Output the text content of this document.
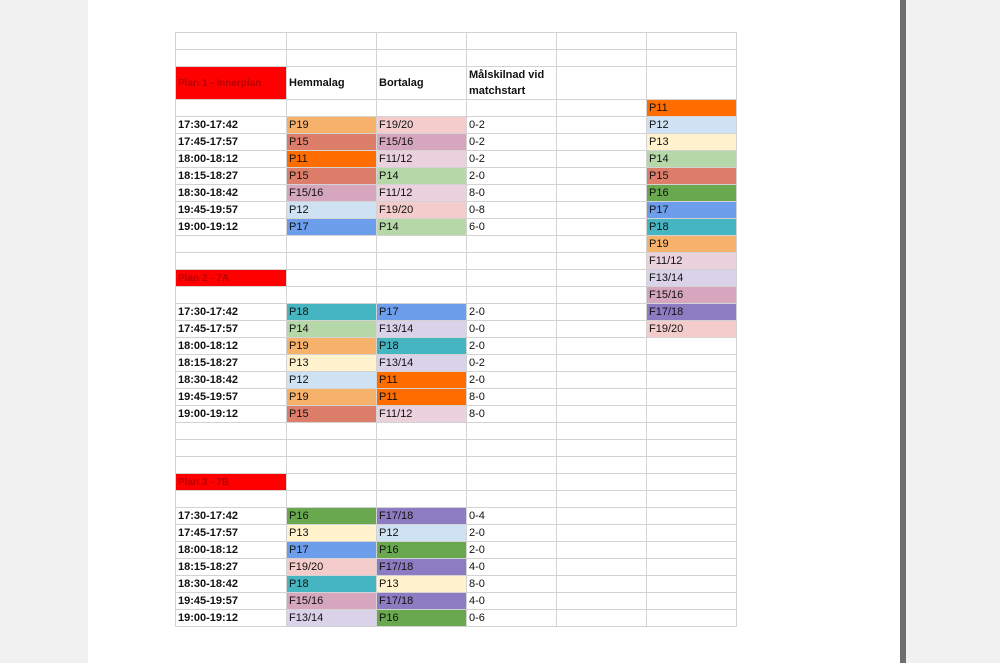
Plan 1 - Innerplan	Hemmalag	Bortalag	Målskilnad vid
matchstart		

					P11
17:30-17:42	P19	F19/20	0-2		P12
17:45-17:57	P15	F15/16	0-2		P13
18:00-18:12	P11	F11/12	0-2		P14
18:15-18:27	P15	P14	2-0		P15
18:30-18:42	F15/16	F11/12	8-0		P16
19:45-19:57	P12	F19/20	0-8		P17
19:00-19:12	P17	P14	6-0		P18
					P19
					F11/12
Plan 2 - 7A					F13/14
					F15/16
17:30-17:42	P18	P17	2-0		F17/18
17:45-17:57	P14	F13/14	0-0		F19/20
18:00-18:12	P19	P18	2-0		
18:15-18:27	P13	F13/14	0-2		
18:30-18:42	P12	P11	2-0		
19:45-19:57	P19	P11	8-0		
19:00-19:12	P15	F11/12	8-0		

Plan 3 - 7B					

17:30-17:42	P16	F17/18	0-4		
17:45-17:57	P13	P12	2-0		
18:00-18:12	P17	P16	2-0		
18:15-18:27	F19/20	F17/18	4-0		
18:30-18:42	P18	P13	8-0		
19:45-19:57	F15/16	F17/18	4-0		
19:00-19:12	F13/14	P16	0-6		
